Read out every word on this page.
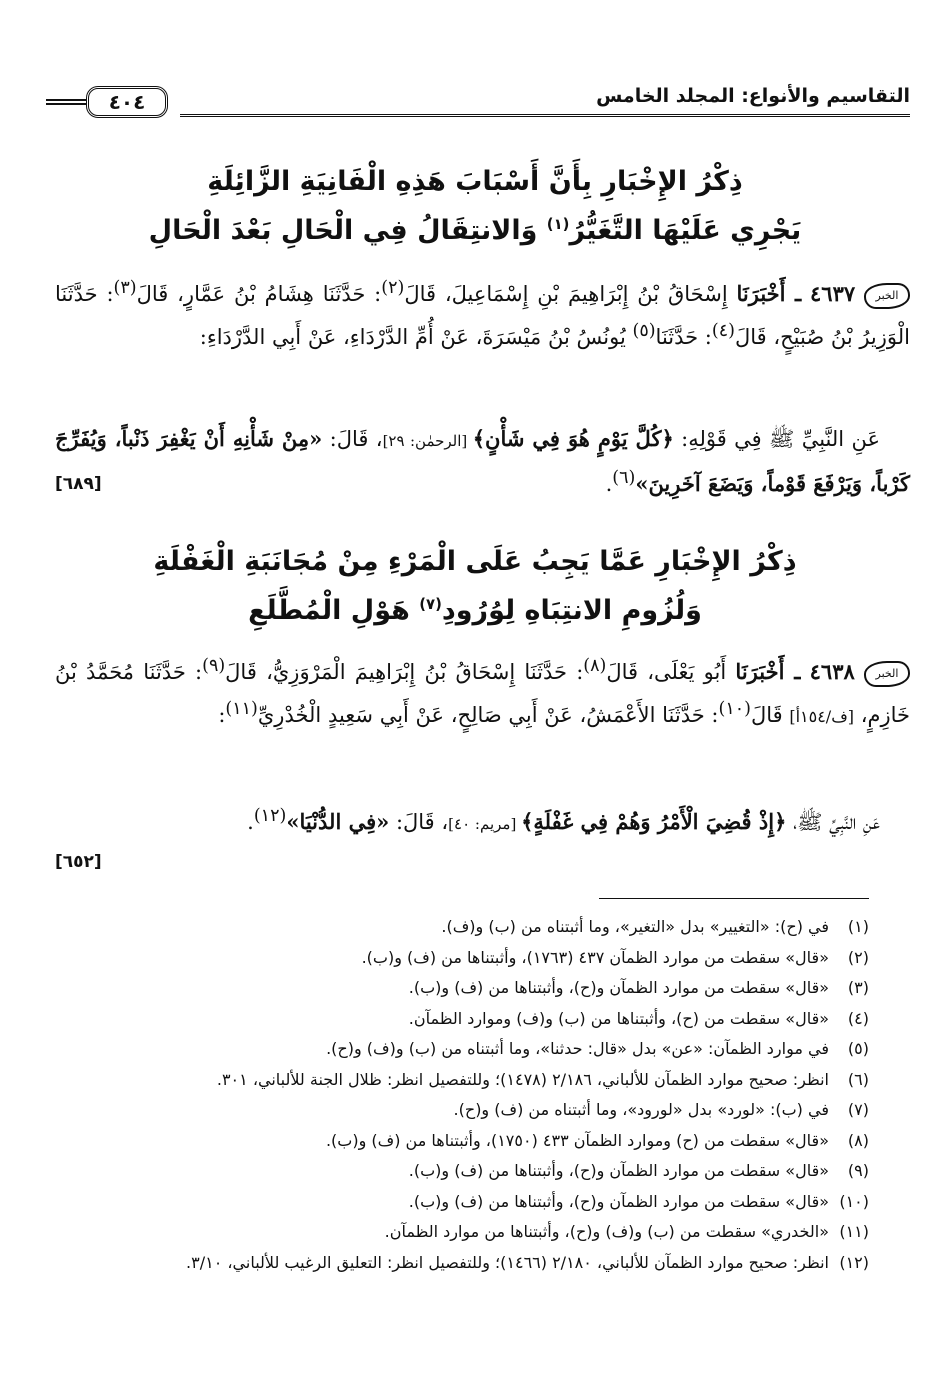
التقاسيم والأنواع: المجلد الخامس
٤٠٤
ذِكْرُ الإِخْبَارِ بِأَنَّ أَسْبَابَ هَذِهِ الْفَانِيَةِ الزَّائِلَةِ
يَجْرِي عَلَيْهَا التَّغَيُّرُ$^{(١)}$ وَالانتِقَالُ فِي الْحَالِ بَعْدَ الْحَالِ
الخبر ٤٦٣٧ ـ أَخْبَرَنَا إِسْحَاقُ بْنُ إِبْرَاهِيمَ بْنِ إِسْمَاعِيلَ، قَالَ$^{(٢)}$: حَدَّثَنَا هِشَامُ بْنُ عَمَّارٍ، قَالَ$^{(٣)}$: حَدَّثَنَا الْوَزِيرُ بْنُ صُبَيْحٍ، قَالَ$^{(٤)}$: حَدَّثَنَا$^{(٥)}$ يُونُسُ بْنُ مَيْسَرَةَ، عَنْ أُمِّ الدَّرْدَاءِ، عَنْ أَبِي الدَّرْدَاءِ:
عَنِ النَّبِيِّ ﷺ فِي قَوْلِهِ: ﴿كُلَّ يَوْمٍ هُوَ فِي شَأْنٍ﴾ [الرحمٰن: ٢٩]، قَالَ: «مِنْ شَأْنِهِ أَنْ يَغْفِرَ ذَنْباً، وَيُفَرِّجَ كَرْباً، وَيَرْفَعَ قَوْماً، وَيَضَعَ آخَرِينَ»$^{(٦)}$.
[٦٨٩]
ذِكْرُ الإِخْبَارِ عَمَّا يَجِبُ عَلَى الْمَرْءِ مِنْ مُجَانَبَةِ الْغَفْلَةِ
وَلُزُومِ الانتِبَاهِ لِوُرُودِ$^{(٧)}$ هَوْلِ الْمُطَّلَعِ
الخبر ٤٦٣٨ ـ أَخْبَرَنَا أَبُو يَعْلَى، قَالَ$^{(٨)}$: حَدَّثَنَا إِسْحَاقُ بْنُ إِبْرَاهِيمَ الْمَرْوَزِيُّ، قَالَ$^{(٩)}$: حَدَّثَنَا مُحَمَّدُ بْنُ خَازِمٍ، [ف/١٥٤أ] قَالَ$^{(١٠)}$: حَدَّثَنَا الأَعْمَشُ، عَنْ أَبِي صَالِحٍ، عَنْ أَبِي سَعِيدٍ الْخُدْرِيِّ$^{(١١)}$:
عَنِ النَّبِيِّ ﷺ، ﴿إِذْ قُضِيَ الْأَمْرُ وَهُمْ فِي غَفْلَةٍ﴾ [مريم: ٤٠]، قَالَ: «فِي الدُّنْيَا»$^{(١٢)}$.
[٦٥٢]
(١)
في (ح): «التغيير» بدل «التغير»، وما أثبتناه من (ب) و(ف).
(٢)
«قال» سقطت من موارد الظمآن ٤٣٧ (١٧٦٣)، وأثبتناها من (ف) و(ب).
(٣)
«قال» سقطت من موارد الظمآن و(ح)، وأثبتناها من (ف) و(ب).
(٤)
«قال» سقطت من (ح)، وأثبتناها من (ب) و(ف) وموارد الظمآن.
(٥)
في موارد الظمآن: «عن» بدل «قال: حدثنا»، وما أثبتناه من (ب) و(ف) و(ح).
(٦)
انظر: صحيح موارد الظمآن للألباني، ٢/١٨٦ (١٤٧٨)؛ وللتفصيل انظر: ظلال الجنة للألباني، ٣٠١.
(٧)
في (ب): «لورد» بدل «لورود»، وما أثبتناه من (ف) و(ح).
(٨)
«قال» سقطت من (ح) وموارد الظمآن ٤٣٣ (١٧٥٠)، وأثبتناها من (ف) و(ب).
(٩)
«قال» سقطت من موارد الظمآن و(ح)، وأثبتناها من (ف) و(ب).
(١٠)
«قال» سقطت من موارد الظمآن و(ح)، وأثبتناها من (ف) و(ب).
(١١)
«الخدري» سقطت من (ب) و(ف) و(ح)، وأثبتناها من موارد الظمآن.
(١٢)
انظر: صحيح موارد الظمآن للألباني، ٢/١٨٠ (١٤٦٦)؛ وللتفصيل انظر: التعليق الرغيب للألباني، ٣/١٠.
